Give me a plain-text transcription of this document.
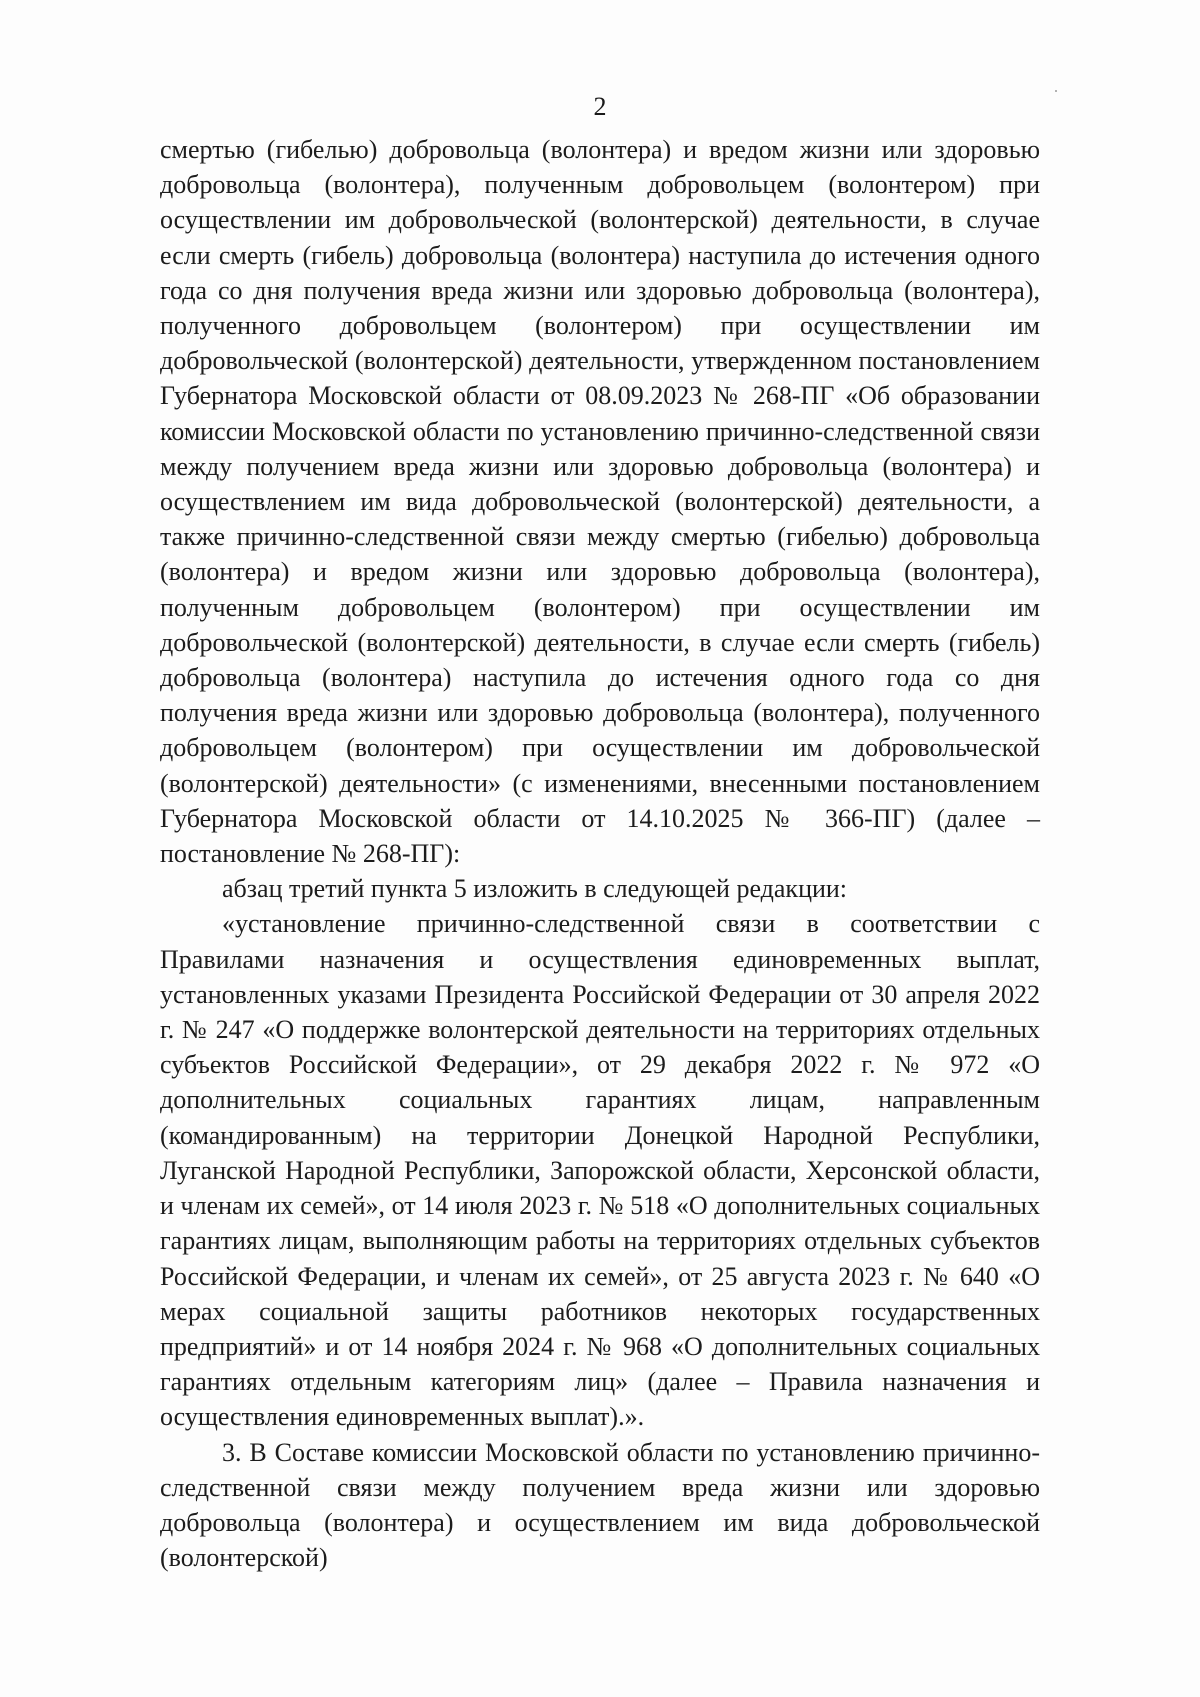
2

смертью (гибелью) добровольца (волонтера) и вредом жизни или здоровью добровольца (волонтера), полученным добровольцем (волонтером) при осуществлении им добровольческой (волонтерской) деятельности, в случае если смерть (гибель) добровольца (волонтера) наступила до истечения одного года со дня получения вреда жизни или здоровью добровольца (волонтера), полученного добровольцем (волонтером) при осуществлении им добровольческой (волонтерской) деятельности, утвержденном постановлением Губернатора Московской области от 08.09.2023 № 268-ПГ «Об образовании комиссии Московской области по установлению причинно-следственной связи между получением вреда жизни или здоровью добровольца (волонтера) и осуществлением им вида добровольческой (волонтерской) деятельности, а также причинно-следственной связи между смертью (гибелью) добровольца (волонтера) и вредом жизни или здоровью добровольца (волонтера), полученным добровольцем (волонтером) при осуществлении им добровольческой (волонтерской) деятельности, в случае если смерть (гибель) добровольца (волонтера) наступила до истечения одного года со дня получения вреда жизни или здоровью добровольца (волонтера), полученного добровольцем (волонтером) при осуществлении им добровольческой (волонтерской) деятельности» (с изменениями, внесенными постановлением Губернатора Московской области от 14.10.2025 № 366-ПГ) (далее – постановление № 268-ПГ):

абзац третий пункта 5 изложить в следующей редакции:

«установление причинно-следственной связи в соответствии с Правилами назначения и осуществления единовременных выплат, установленных указами Президента Российской Федерации от 30 апреля 2022 г. № 247 «О поддержке волонтерской деятельности на территориях отдельных субъектов Российской Федерации», от 29 декабря 2022 г. № 972 «О дополнительных социальных гарантиях лицам, направленным (командированным) на территории Донецкой Народной Республики, Луганской Народной Республики, Запорожской области, Херсонской области, и членам их семей», от 14 июля 2023 г. № 518 «О дополнительных социальных гарантиях лицам, выполняющим работы на территориях отдельных субъектов Российской Федерации, и членам их семей», от 25 августа 2023 г. № 640 «О мерах социальной защиты работников некоторых государственных предприятий» и от 14 ноября 2024 г. № 968 «О дополнительных социальных гарантиях отдельным категориям лиц» (далее – Правила назначения и осуществления единовременных выплат).».

3. В Составе комиссии Московской области по установлению причинно-следственной связи между получением вреда жизни или здоровью добровольца (волонтера) и осуществлением им вида добровольческой (волонтерской)
